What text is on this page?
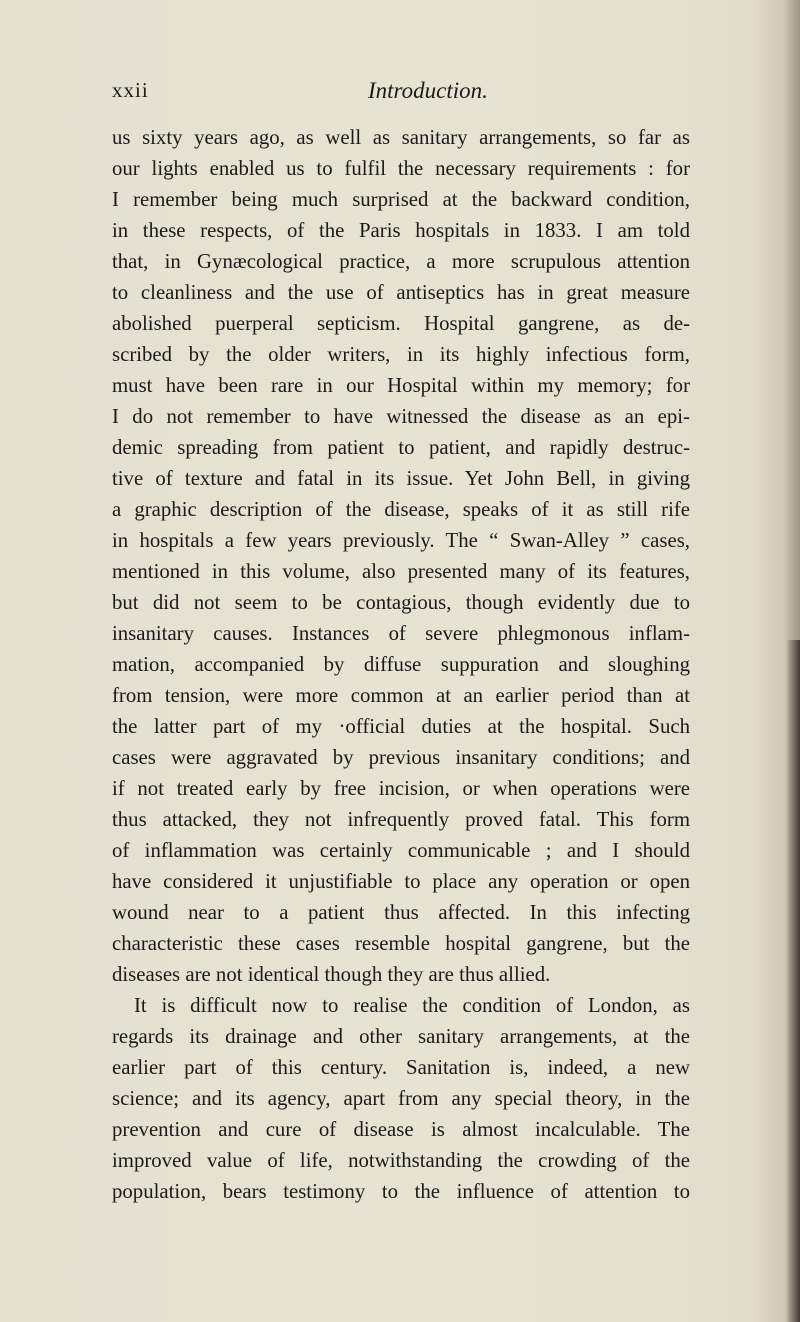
xxii	Introduction.
us sixty years ago, as well as sanitary arrangements, so far as
our lights enabled us to fulfil the necessary requirements : for
I remember being much surprised at the backward condition,
in these respects, of the Paris hospitals in 1833. I am told
that, in Gynæcological practice, a more scrupulous attention
to cleanliness and the use of antiseptics has in great measure
abolished puerperal septicism. Hospital gangrene, as de-
scribed by the older writers, in its highly infectious form,
must have been rare in our Hospital within my memory; for
I do not remember to have witnessed the disease as an epi-
demic spreading from patient to patient, and rapidly destruc-
tive of texture and fatal in its issue. Yet John Bell, in giving
a graphic description of the disease, speaks of it as still rife
in hospitals a few years previously. The “ Swan-Alley ” cases,
mentioned in this volume, also presented many of its features,
but did not seem to be contagious, though evidently due to
insanitary causes. Instances of severe phlegmonous inflam-
mation, accompanied by diffuse suppuration and sloughing
from tension, were more common at an earlier period than at
the latter part of my ·official duties at the hospital. Such
cases were aggravated by previous insanitary conditions; and
if not treated early by free incision, or when operations were
thus attacked, they not infrequently proved fatal. This form
of inflammation was certainly communicable ; and I should
have considered it unjustifiable to place any operation or open
wound near to a patient thus affected. In this infecting
characteristic these cases resemble hospital gangrene, but the
diseases are not identical though they are thus allied.
It is difficult now to realise the condition of London, as
regards its drainage and other sanitary arrangements, at the
earlier part of this century. Sanitation is, indeed, a new
science; and its agency, apart from any special theory, in the
prevention and cure of disease is almost incalculable. The
improved value of life, notwithstanding the crowding of the
population, bears testimony to the influence of attention to
